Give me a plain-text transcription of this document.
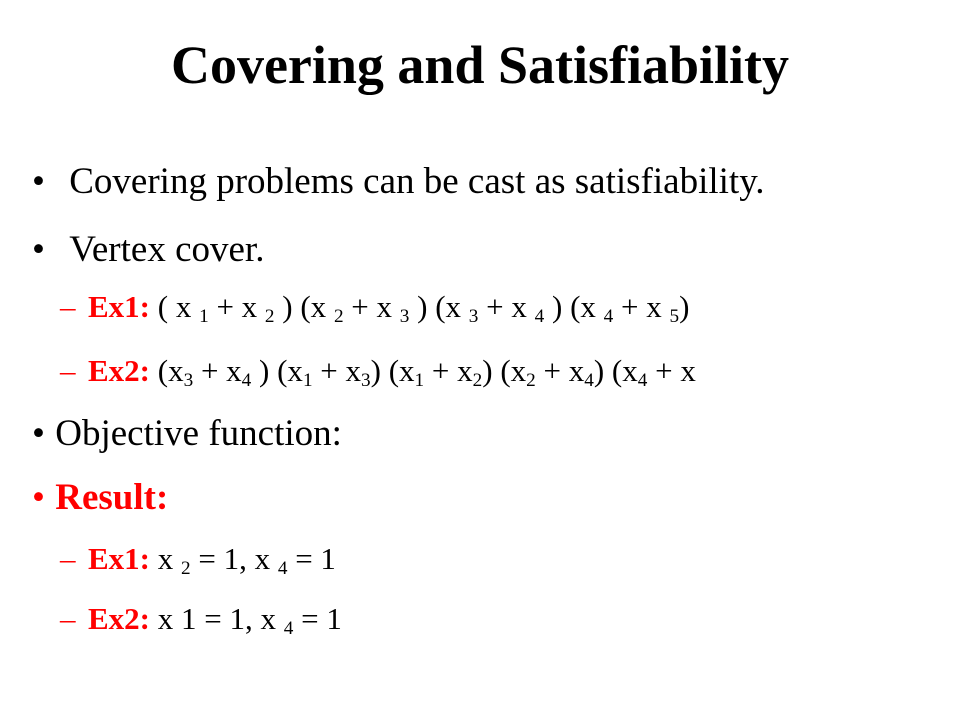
Covering and Satisfiability
• Covering problems can be cast as satisfiability.
• Vertex cover.
– Ex1: ( x $_1$ + x $_2$ ) (x $_2$ + x $_3$ ) (x $_3$ + x $_4$ ) (x $_4$ + x $_5$)
– Ex2: ($x_3 + x_4$ ) $(x_1 + x_3) (x_1 + x_2) (x_2 + x_4) (x_4 + x$
• Objective function:
• Result:
– Ex1: x $_2$ = 1, x $_4$ = 1
– Ex2: x 1 = 1, x $_4$ = 1
